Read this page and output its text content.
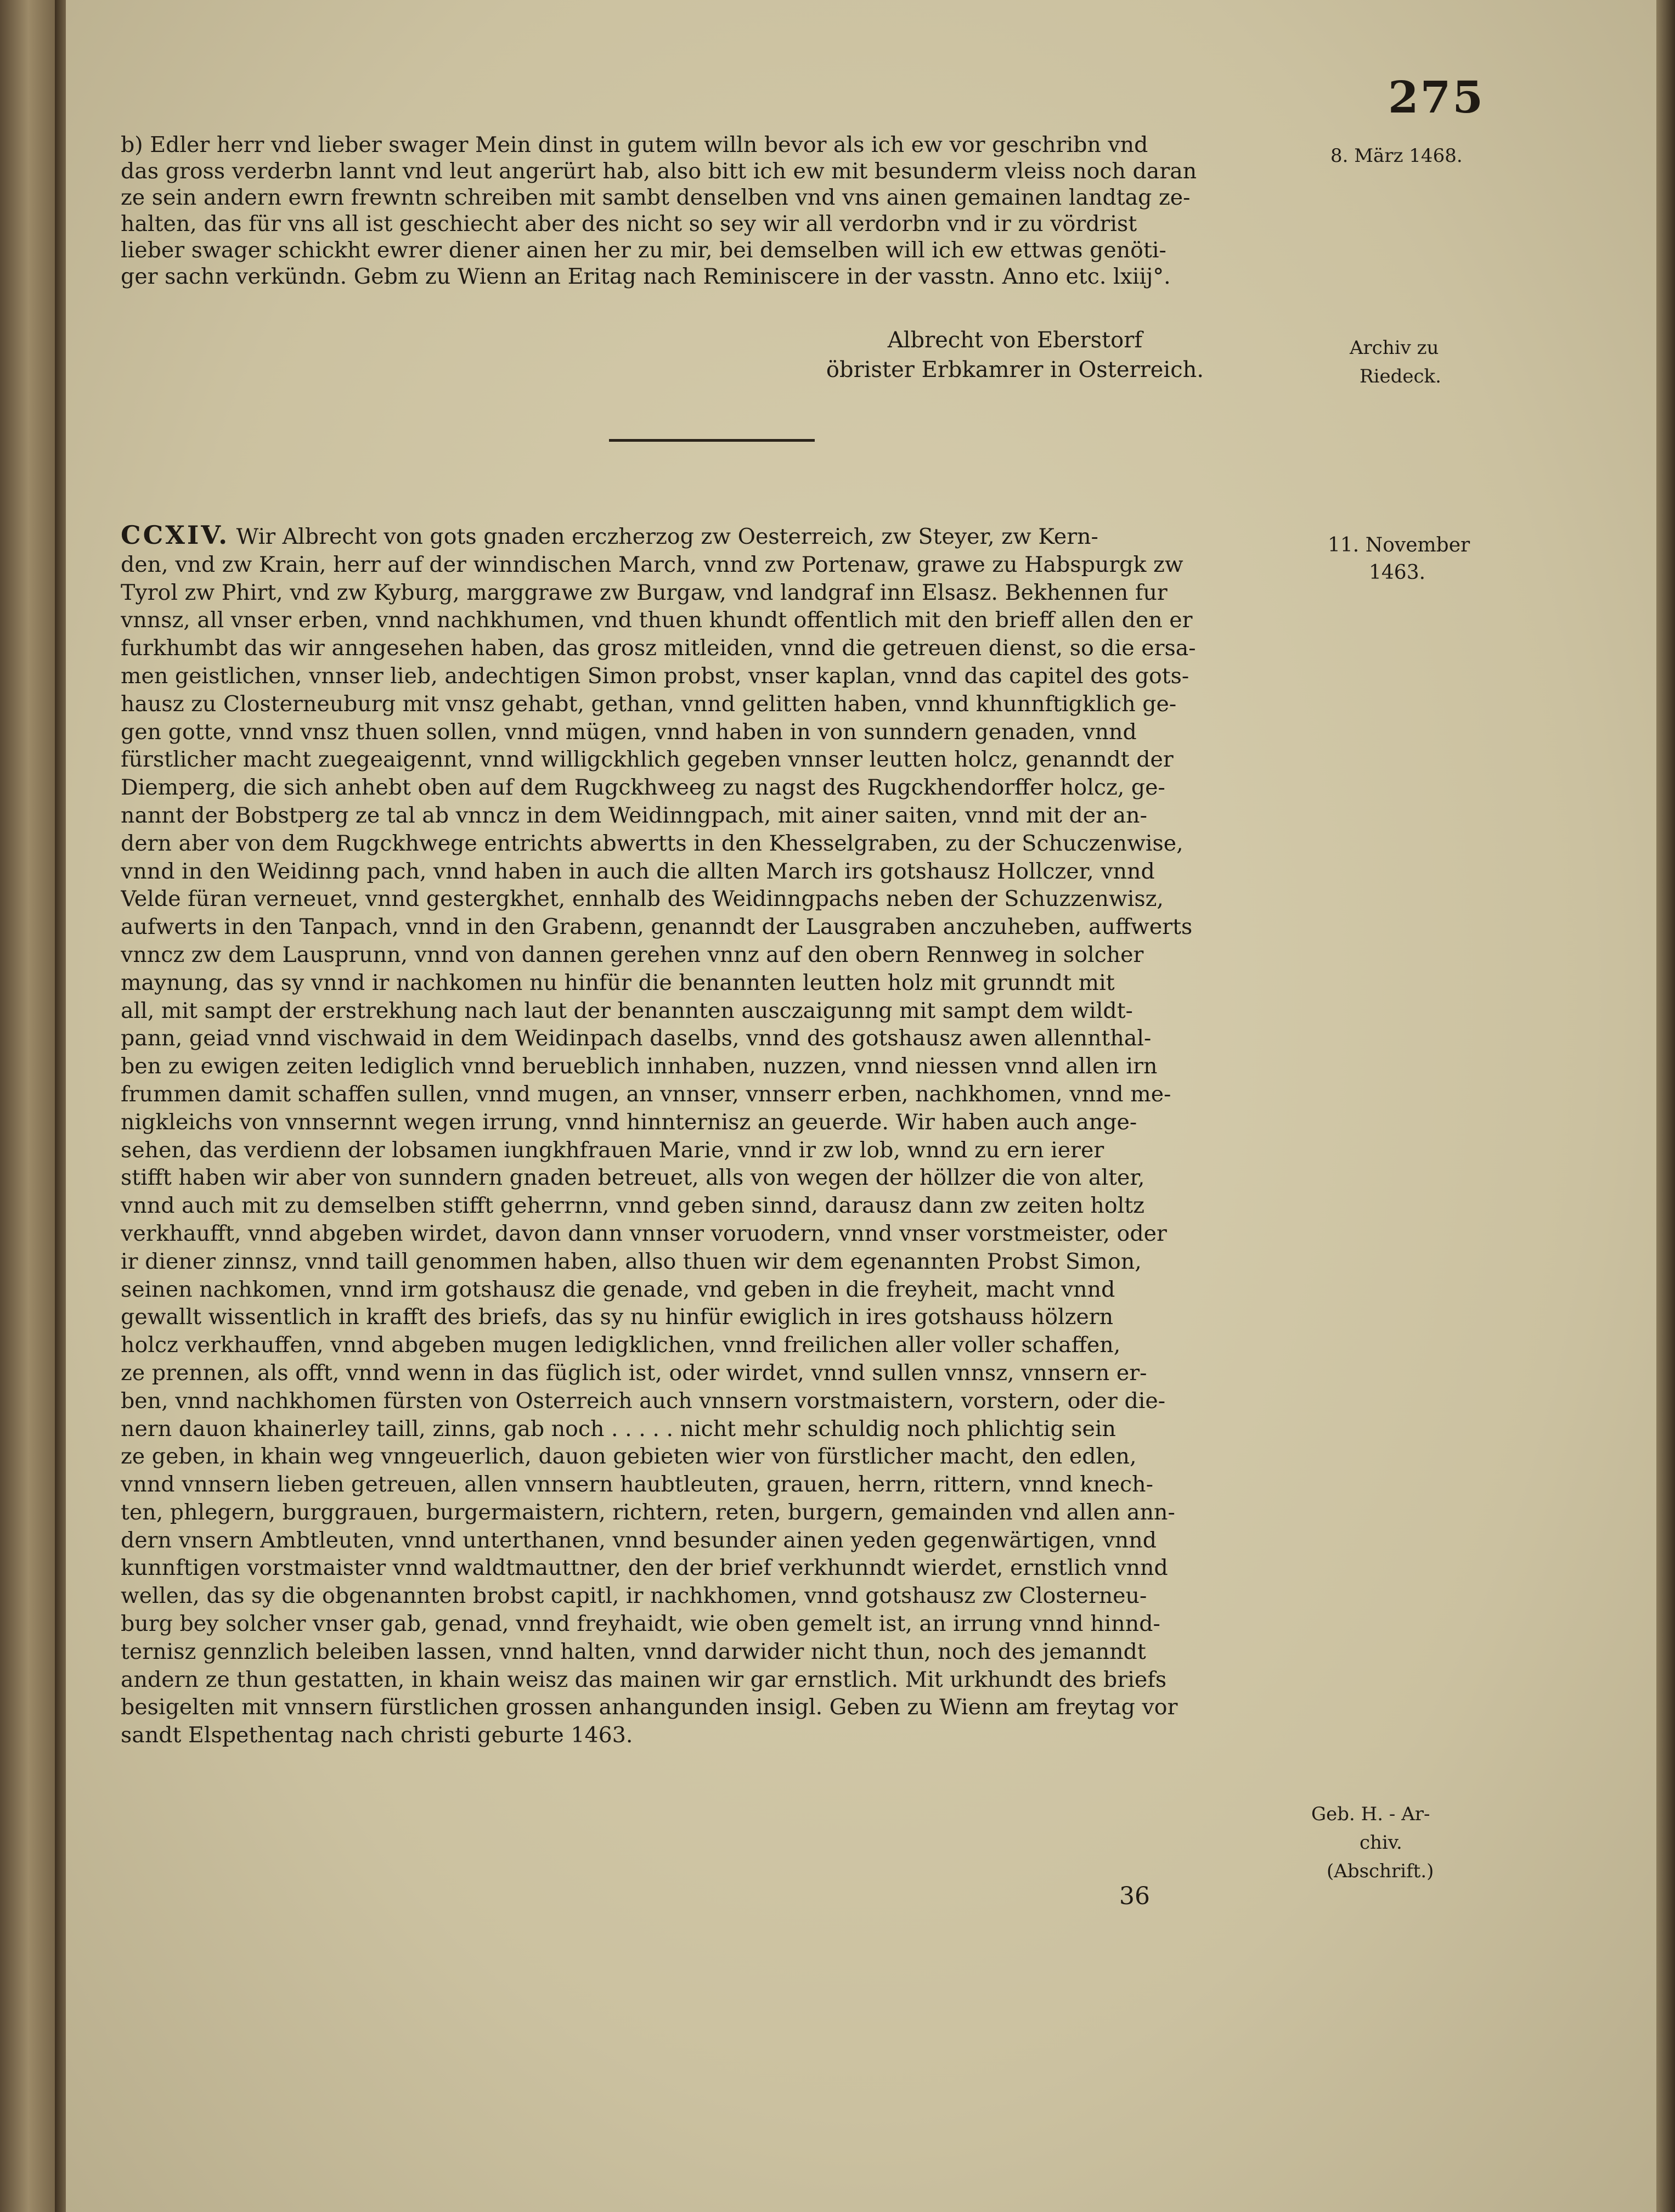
275
b) Edler herr vnd lieber swager Mein dinst in gutem willn bevor als ich ew vor geschribn vnd
das gross verderbn lannt vnd leut angerürt hab, also bitt ich ew mit besunderm vleiss noch daran
ze sein andern ewrn frewntn schreiben mit sambt denselben vnd vns ainen gemainen landtag ze-
halten, das für vns all ist geschiecht aber des nicht so sey wir all verdorbn vnd ir zu vördrist
lieber swager schickht ewrer diener ainen her zu mir, bei demselben will ich ew ettwas genöti-
ger sachn verkündn. Gebm zu Wienn an Eritag nach Reminiscere in der vasstn. Anno etc. lxiij°.
Albrecht von Eberstorf
öbrister Erbkamrer in Osterreich.
8. März 1468.
Archiv zu
Riedeck.
CCXIV. Wir Albrecht von gots gnaden erczherzog zw Oesterreich, zw Steyer, zw Kern-
den, vnd zw Krain, herr auf der winndischen March, vnnd zw Portenaw, grawe zu Habspurgk zw
Tyrol zw Phirt, vnd zw Kyburg, marggrawe zw Burgaw, vnd landgraf inn Elsasz. Bekhennen fur
vnnsz, all vnser erben, vnnd nachkhumen, vnd thuen khundt offentlich mit den brieff allen den er
furkhumbt das wir anngesehen haben, das grosz mitleiden, vnnd die getreuen dienst, so die ersa-
men geistlichen, vnnser lieb, andechtigen Simon probst, vnser kaplan, vnnd das capitel des gots-
hausz zu Closterneuburg mit vnsz gehabt, gethan, vnnd gelitten haben, vnnd khunnftigklich ge-
gen gotte, vnnd vnsz thuen sollen, vnnd mügen, vnnd haben in von sunndern genaden, vnnd
fürstlicher macht zuegeaigennt, vnnd willigckhlich gegeben vnnser leutten holcz, genanndt der
Diemperg, die sich anhebt oben auf dem Rugckhweeg zu nagst des Rugckhendorffer holcz, ge-
nannt der Bobstperg ze tal ab vnncz in dem Weidinngpach, mit ainer saiten, vnnd mit der an-
dern aber von dem Rugckhwege entrichts abwertts in den Khesselgraben, zu der Schuczenwise,
vnnd in den Weidinng pach, vnnd haben in auch die allten March irs gotshausz Hollczer, vnnd
Velde füran verneuet, vnnd gestergkhet, ennhalb des Weidinngpachs neben der Schuzzenwisz,
aufwerts in den Tanpach, vnnd in den Grabenn, genanndt der Lausgraben anczuheben, auffwerts
vnncz zw dem Lausprunn, vnnd von dannen gerehen vnnz auf den obern Rennweg in solcher
maynung, das sy vnnd ir nachkomen nu hinfür die benannten leutten holz mit grunndt mit
all, mit sampt der erstrekhung nach laut der benannten ausczaigunng mit sampt dem wildt-
pann, geiad vnnd vischwaid in dem Weidinpach daselbs, vnnd des gotshausz awen allennthal-
ben zu ewigen zeiten lediglich vnnd berueblich innhaben, nuzzen, vnnd niessen vnnd allen irn
frummen damit schaffen sullen, vnnd mugen, an vnnser, vnnserr erben, nachkhomen, vnnd me-
nigkleichs von vnnsernnt wegen irrung, vnnd hinnternisz an geuerde. Wir haben auch ange-
sehen, das verdienn der lobsamen iungkhfrauen Marie, vnnd ir zw lob, wnnd zu ern ierer
stifft haben wir aber von sunndern gnaden betreuet, alls von wegen der höllzer die von alter,
vnnd auch mit zu demselben stifft geherrnn, vnnd geben sinnd, darausz dann zw zeiten holtz
verkhaufft, vnnd abgeben wirdet, davon dann vnnser voruodern, vnnd vnser vorstmeister, oder
ir diener zinnsz, vnnd taill genommen haben, allso thuen wir dem egenannten Probst Simon,
seinen nachkomen, vnnd irm gotshausz die genade, vnd geben in die freyheit, macht vnnd
gewallt wissentlich in krafft des briefs, das sy nu hinfür ewiglich in ires gotshauss hölzern
holcz verkhauffen, vnnd abgeben mugen ledigklichen, vnnd freilichen aller voller schaffen,
ze prennen, als offt, vnnd wenn in das füglich ist, oder wirdet, vnnd sullen vnnsz, vnnsern er-
ben, vnnd nachkhomen fürsten von Osterreich auch vnnsern vorstmaistern, vorstern, oder die-
nern dauon khainerley taill, zinns, gab noch . . . . . nicht mehr schuldig noch phlichtig sein
ze geben, in khain weg vnngeuerlich, dauon gebieten wier von fürstlicher macht, den edlen,
vnnd vnnsern lieben getreuen, allen vnnsern haubtleuten, grauen, herrn, rittern, vnnd knech-
ten, phlegern, burggrauen, burgermaistern, richtern, reten, burgern, gemainden vnd allen ann-
dern vnsern Ambtleuten, vnnd unterthanen, vnnd besunder ainen yeden gegenwärtigen, vnnd
kunnftigen vorstmaister vnnd waldtmauttner, den der brief verkhunndt wierdet, ernstlich vnnd
wellen, das sy die obgenannten brobst capitl, ir nachkhomen, vnnd gotshausz zw Closterneu-
burg bey solcher vnser gab, genad, vnnd freyhaidt, wie oben gemelt ist, an irrung vnnd hinnd-
ternisz gennzlich beleiben lassen, vnnd halten, vnnd darwider nicht thun, noch des jemanndt
andern ze thun gestatten, in khain weisz das mainen wir gar ernstlich. Mit urkhundt des briefs
besigelten mit vnnsern fürstlichen grossen anhangunden insigl. Geben zu Wienn am freytag vor
sandt Elspethentag nach christi geburte 1463.
11. November
1463.
Geb. H. - Ar-
chiv.
(Abschrift.)
36
